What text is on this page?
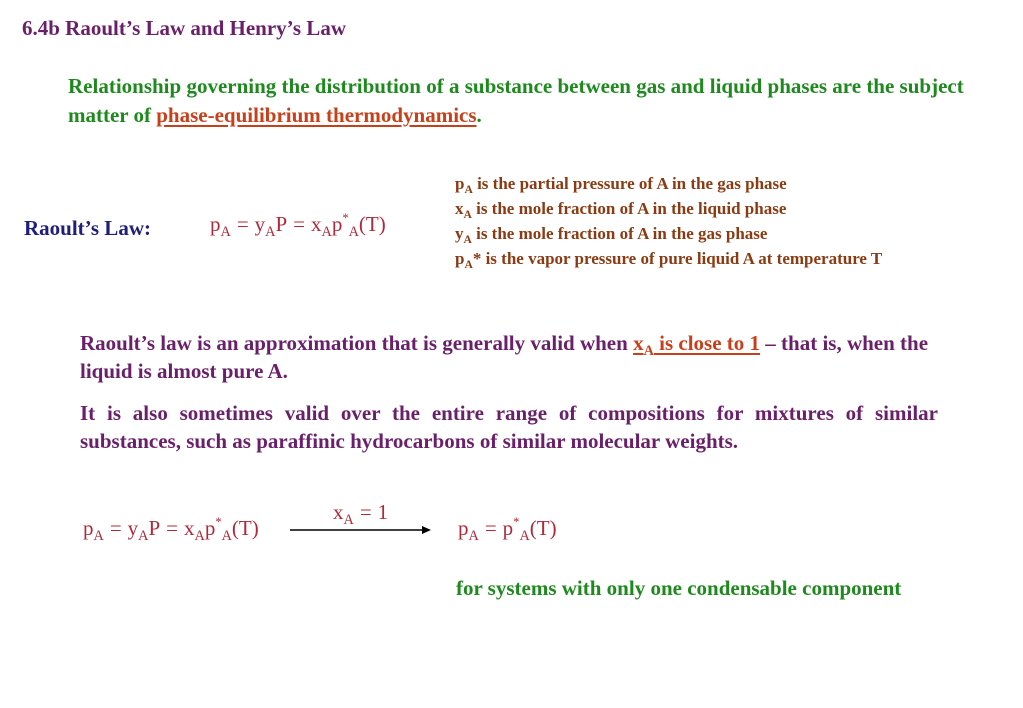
6.4b Raoult’s Law and Henry’s Law
Relationship governing the distribution of a substance between gas and liquid phases are the subject matter of phase-equilibrium thermodynamics.
$p_A$ is the partial pressure of A in the gas phase
$x_A$ is the mole fraction of A in the liquid phase
$y_A$ is the mole fraction of A in the gas phase
$p_A*$ is the vapor pressure of pure liquid A at temperature T
Raoult’s Law:	$p_A = y_AP = x_Ap^*_A(T)$
Raoult’s law is an approximation that is generally valid when $x_A$ is close to 1 – that is, when the liquid is almost pure A.
It is also sometimes valid over the entire range of compositions for mixtures of similar substances, such as paraffinic hydrocarbons of similar molecular weights.
$p_A = y_AP = x_Ap^*_A(T)$
$x_A = 1$
$p_A = p^*_A(T)$
for systems with only one condensable component
